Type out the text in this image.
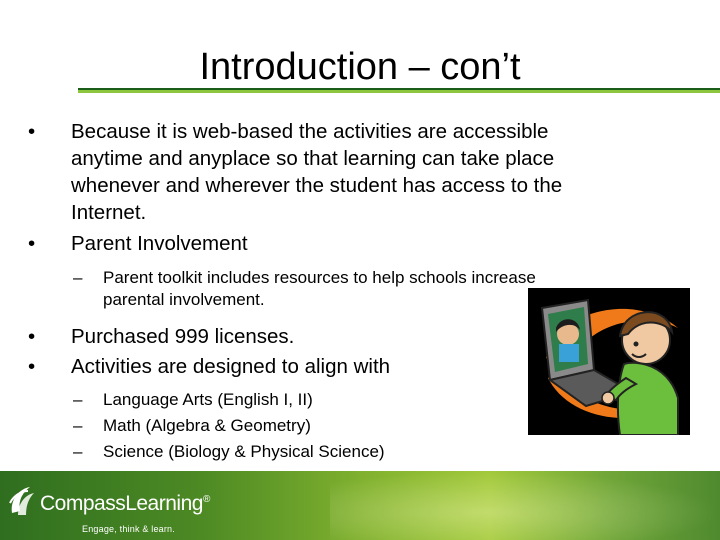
Introduction – con’t
•	Because it is web-based the activities are accessible
anytime and anyplace so that learning can take place
whenever and wherever the student has access to the
Internet.
•	Parent Involvement
– Parent toolkit includes resources to help schools increase
parental involvement.
•	Purchased 999 licenses.
•	Activities are designed to align with
– Language Arts (English I, II)
– Math (Algebra & Geometry)
– Science (Biology & Physical Science)
CompassLearning®
Engage, think & learn.
